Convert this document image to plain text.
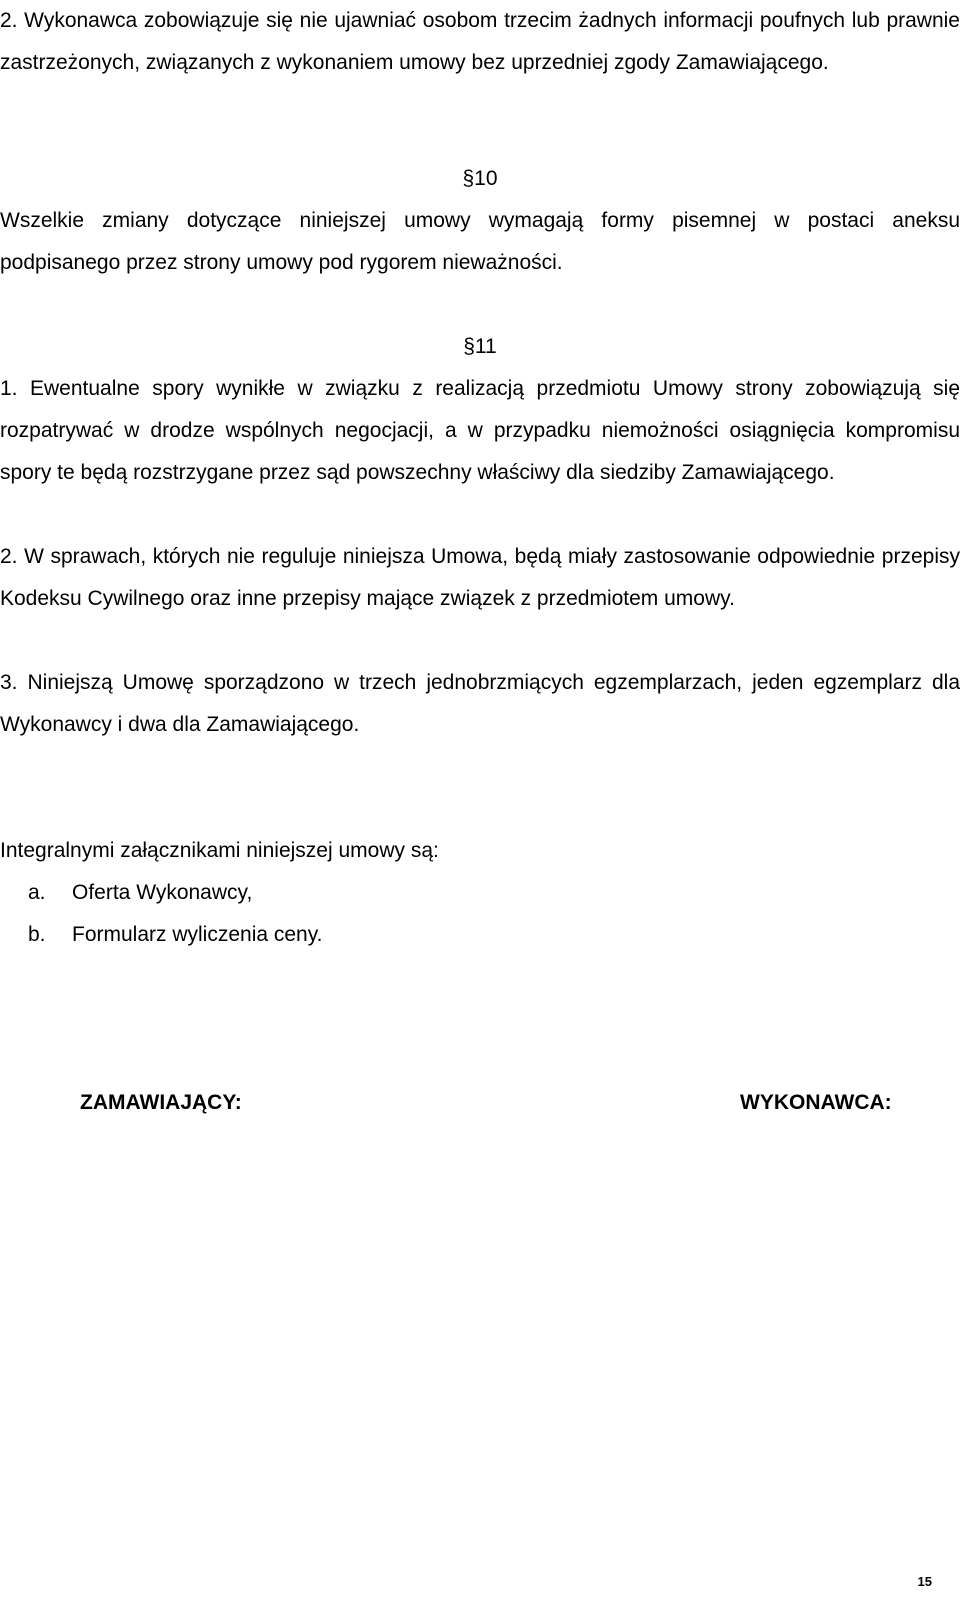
2. Wykonawca zobowiązuje się nie ujawniać osobom trzecim żadnych informacji poufnych lub prawnie zastrzeżonych, związanych z wykonaniem umowy bez uprzedniej zgody Zamawiającego.

§10

Wszelkie zmiany dotyczące niniejszej umowy wymagają formy pisemnej w postaci aneksu podpisanego przez strony umowy pod rygorem nieważności.

§11

1. Ewentualne spory wynikłe w związku z realizacją przedmiotu Umowy strony zobowiązują się rozpatrywać w drodze wspólnych negocjacji, a w przypadku niemożności osiągnięcia kompromisu spory te będą rozstrzygane przez sąd powszechny właściwy dla siedziby Zamawiającego.

2. W sprawach, których nie reguluje niniejsza Umowa, będą miały zastosowanie odpowiednie przepisy Kodeksu Cywilnego oraz inne przepisy mające związek z przedmiotem umowy.

3. Niniejszą Umowę sporządzono w trzech jednobrzmiących egzemplarzach, jeden egzemplarz dla Wykonawcy i dwa dla Zamawiającego.

Integralnymi załącznikami niniejszej umowy są:

a. Oferta Wykonawcy,

b. Formularz wyliczenia ceny.

ZAMAWIAJĄCY:	WYKONAWCA:

15
